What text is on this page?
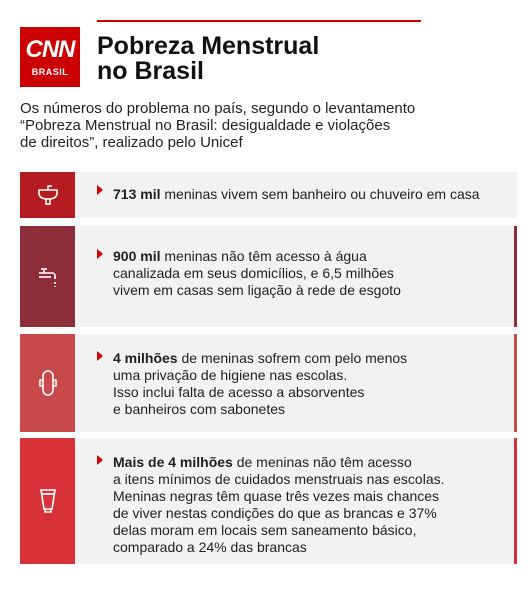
CNN
BRASIL
Pobreza Menstrual
no Brasil
Os números do problema no país, segundo o levantamento
“Pobreza Menstrual no Brasil: desigualdade e violações
de direitos”, realizado pelo Unicef
713 mil meninas vivem sem banheiro ou chuveiro em casa
900 mil meninas não têm acesso à água
canalizada em seus domicílios, e 6,5 milhões
vivem em casas sem ligação à rede de esgoto
4 milhões de meninas sofrem com pelo menos
uma privação de higiene nas escolas.
Isso inclui falta de acesso a absorventes
e banheiros com sabonetes
Mais de 4 milhões de meninas não têm acesso
a itens mínimos de cuidados menstruais nas escolas.
Meninas negras têm quase três vezes mais chances
de viver nestas condições do que as brancas e 37%
delas moram em locais sem saneamento básico,
comparado a 24% das brancas
